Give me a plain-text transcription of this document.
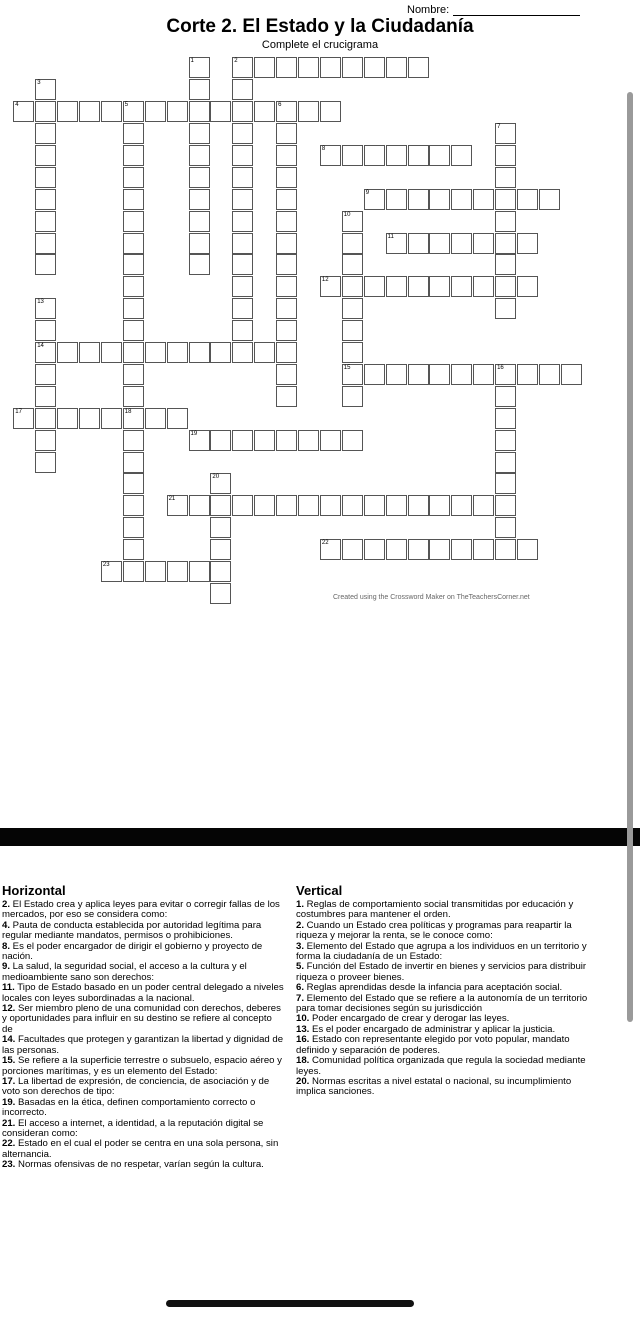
Nombre:
Corte 2. El Estado y la Ciudadanía
Complete el crucigrama
1	2
3
4	5	6
18
7
8
9
10
15
11
12
13
14
16
17
19
20
21
22
23
Created using the Crossword Maker on TheTeachersCorner.net
Horizontal
2. El Estado crea y aplica leyes para evitar o corregir fallas de los mercados, por eso se considera como:
4. Pauta de conducta establecida por autoridad legítima para regular mediante mandatos, permisos o prohibiciones.
8. Es el poder encargador de dirigir el gobierno y proyecto de nación.
9. La salud, la seguridad social, el acceso a la cultura y el medioambiente sano son derechos:
11. Tipo de Estado basado en un poder central delegado a niveles locales con leyes subordinadas a la nacional.
12. Ser miembro pleno de una comunidad con derechos, deberes y oportunidades para influir en su destino se refiere al concepto de
14. Facultades que protegen y garantizan la libertad y dignidad de las personas.
15. Se refiere a la superficie terrestre o subsuelo, espacio aéreo y porciones marítimas, y es un elemento del Estado:
17. La libertad de expresión, de conciencia, de asociación y de voto son derechos de tipo:
19. Basadas en la ética, definen comportamiento correcto o incorrecto.
21. El acceso a internet, a identidad, a la reputación digital se consideran como:
22. Estado en el cual el poder se centra en una sola persona, sin alternancia.
23. Normas ofensivas de no respetar, varían según la cultura.
Vertical
1. Reglas de comportamiento social transmitidas por educación y costumbres para mantener el orden.
2. Cuando un Estado crea políticas y programas para reapartir la riqueza y mejorar la renta, se le conoce como:
3. Elemento del Estado que agrupa a los individuos en un territorio y forma la ciudadanía de un Estado:
5. Función del Estado de invertir en bienes y servicios para distribuir riqueza o proveer bienes.
6. Reglas aprendidas desde la infancia para aceptación social.
7. Elemento del Estado que se refiere a la autonomía de un territorio para tomar decisiones según su jurisdicción
10. Poder encargado de crear y derogar las leyes.
13. Es el poder encargado de administrar y aplicar la justicia.
16. Estado con representante elegido por voto popular, mandato definido y separación de poderes.
18. Comunidad política organizada que regula la sociedad mediante leyes.
20. Normas escritas a nivel estatal o nacional, su incumplimiento implica sanciones.
